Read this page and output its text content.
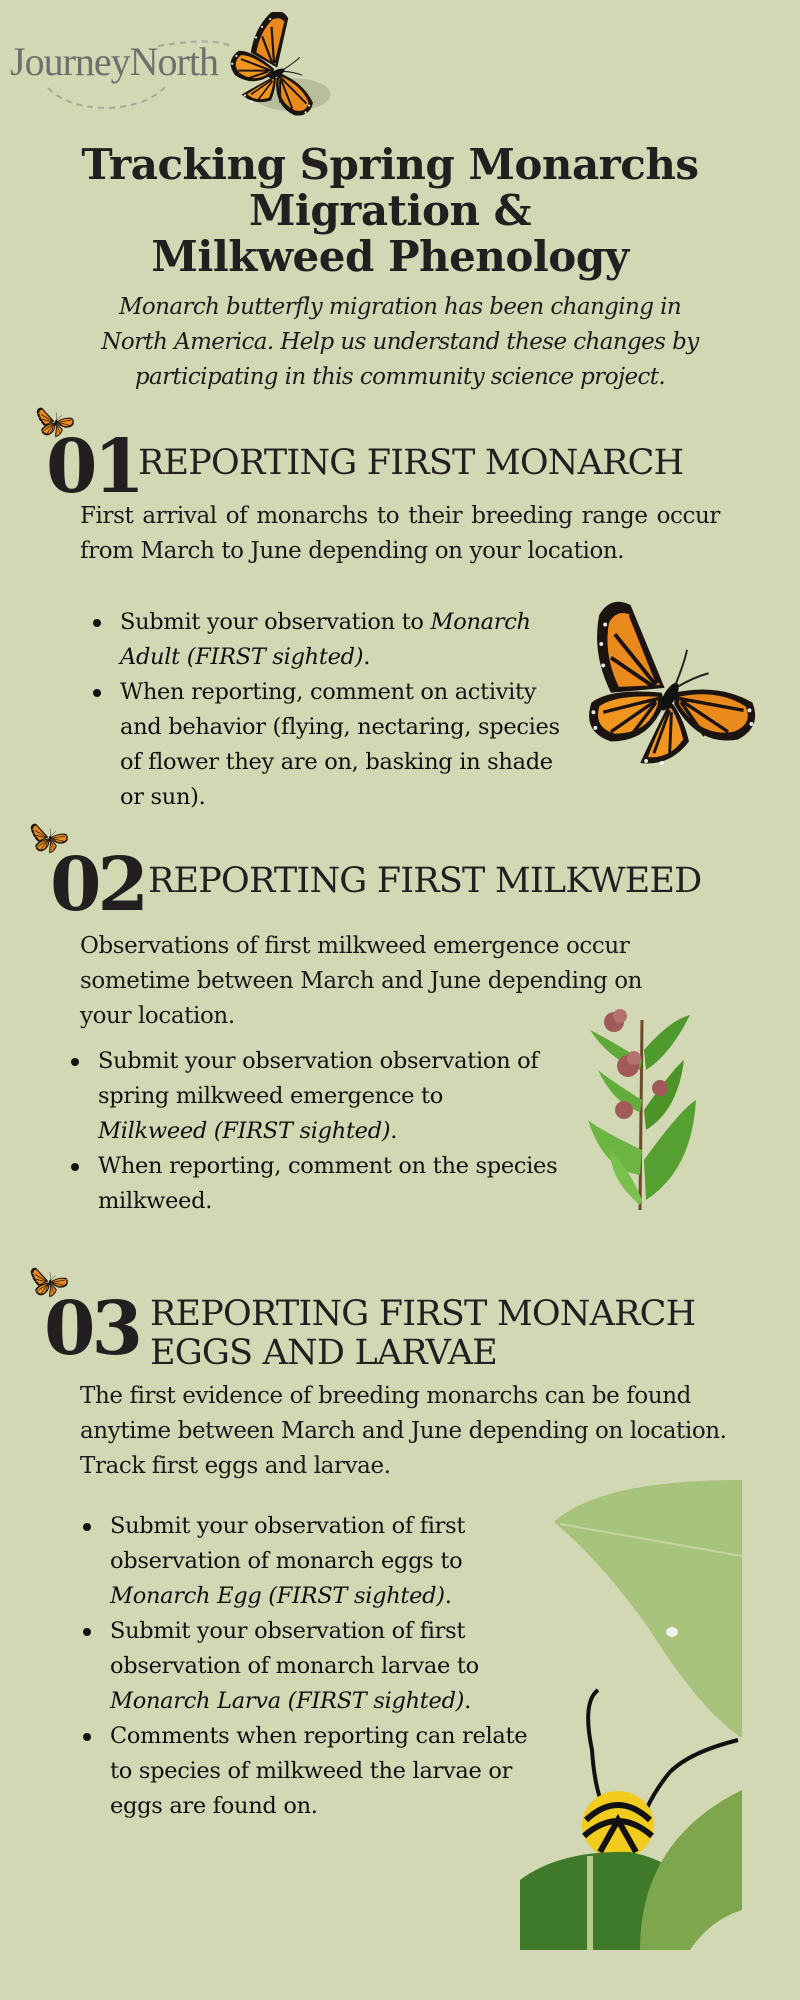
JourneyNorth
Tracking Spring Monarchs
Migration &
Milkweed Phenology
Monarch butterfly migration has been changing in
North America. Help us understand these changes by
participating in this community science project.
01
REPORTING FIRST MONARCH

First arrival of monarchs to their breeding range occur from March to June depending on your location.

Submit your observation to Monarch Adult (FIRST sighted).
When reporting, comment on activity and behavior (flying, nectaring, species of flower they are on, basking in shade or sun).
02 REPORTING FIRST MILKWEED

Observations of first milkweed emergence occur sometime between March and June depending on your location.

Submit your observation observation of spring milkweed emergence to Milkweed (FIRST sighted).
When reporting, comment on the species milkweed.
03 REPORTING FIRST MONARCH
EGGS AND LARVAE

The first evidence of breeding monarchs can be found anytime between March and June depending on location. Track first eggs and larvae.

Submit your observation of first observation of monarch eggs to Monarch Egg (FIRST sighted).
Submit your observation of first observation of monarch larvae to Monarch Larva (FIRST sighted).
Comments when reporting can relate to species of milkweed the larvae or eggs are found on.
